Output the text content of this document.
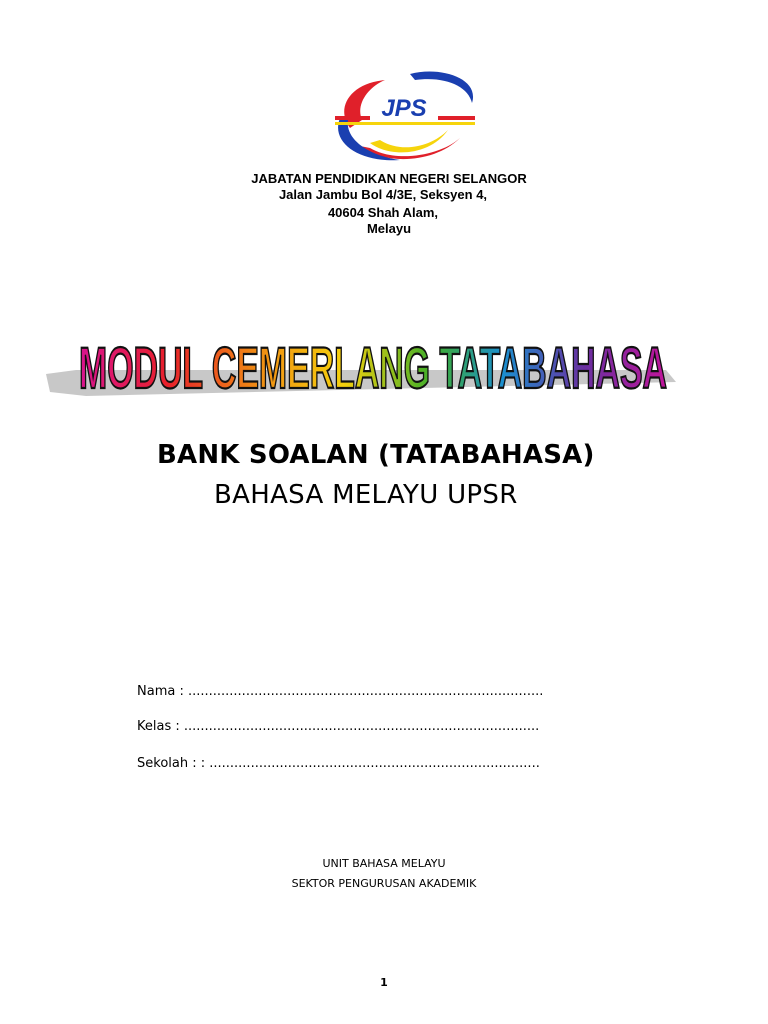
JPS
JABATAN PENDIDIKAN NEGERI SELANGOR
Jalan Jambu Bol 4/3E, Seksyen 4,
40604 Shah Alam,
Melayu
MODUL CEMERLANG TATABAHASA
BANK SOALAN (TATABAHASA)
BAHASA MELAYU UPSR
Nama : ......................................................................................
Kelas : ......................................................................................
Sekolah : : ................................................................................
UNIT BAHASA MELAYU
SEKTOR PENGURUSAN AKADEMIK
1
